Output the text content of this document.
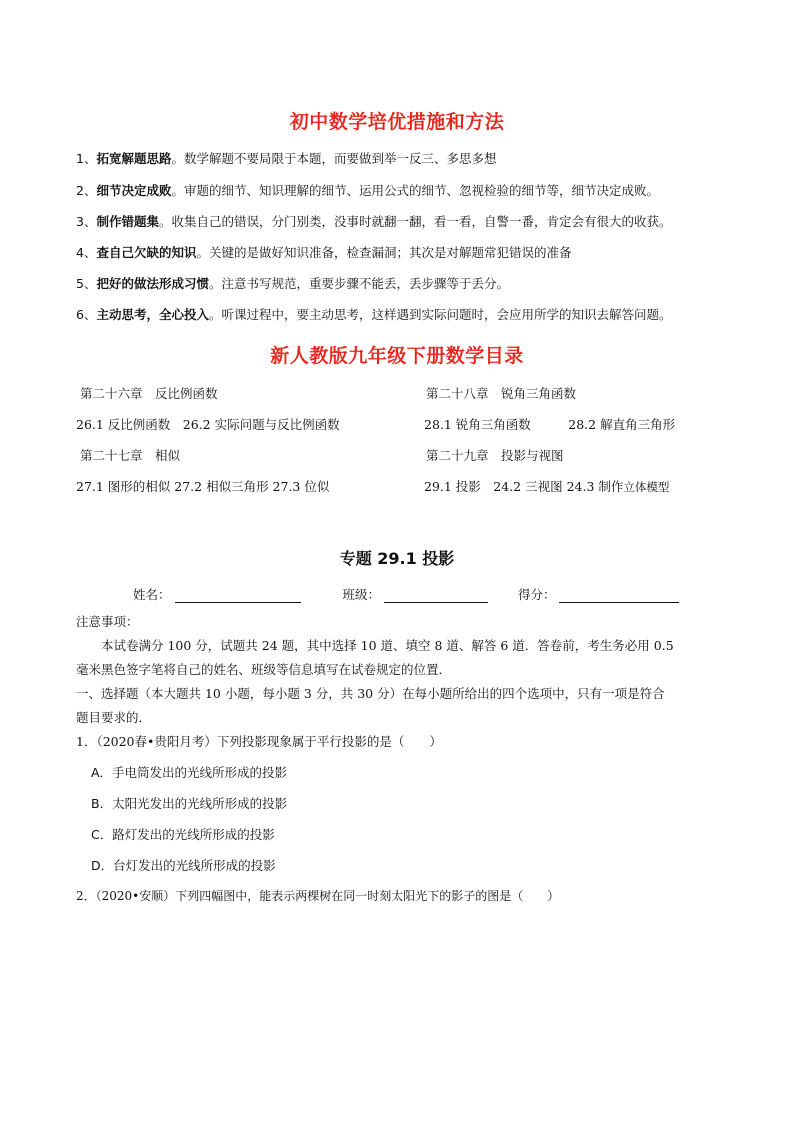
初中数学培优措施和方法
1、拓宽解题思路。数学解题不要局限于本题，而要做到举一反三、多思多想
2、细节决定成败。审题的细节、知识理解的细节、运用公式的细节、忽视检验的细节等，细节决定成败。
3、制作错题集。收集自己的错误，分门别类，没事时就翻一翻，看一看，自警一番，肯定会有很大的收获。
4、查自己欠缺的知识。关键的是做好知识准备，检查漏洞；其次是对解题常犯错误的准备
5、把好的做法形成习惯。注意书写规范，重要步骤不能丢，丢步骤等于丢分。
6、主动思考，全心投入。听课过程中，要主动思考，这样遇到实际问题时，会应用所学的知识去解答问题。
新人教版九年级下册数学目录
第二十六章　反比例函数
26.1 反比例函数　26.2 实际问题与反比例函数
第二十七章　相似
27.1 图形的相似 27.2 相似三角形 27.3 位似
第二十八章　锐角三角函数
28.1 锐角三角函数　　　28.2 解直角三角形
第二十九章　投影与视图
29.1 投影　24.2 三视图 24.3 制作立体模型
专题 29.1 投影
姓名：	班级：	得分：
注意事项：
本试卷满分 100 分，试题共 24 题，其中选择 10 道、填空 8 道、解答 6 道．答卷前，考生务必用 0.5
毫米黑色签字笔将自己的姓名、班级等信息填写在试卷规定的位置．
一、选择题（本大题共 10 小题，每小题 3 分，共 30 分）在每小题所给出的四个选项中，只有一项是符合
题目要求的．
1．（2020春•贵阳月考）下列投影现象属于平行投影的是（　　）
A．手电筒发出的光线所形成的投影
B．太阳光发出的光线所形成的投影
C．路灯发出的光线所形成的投影
D．台灯发出的光线所形成的投影
2．（2020•安顺）下列四幅图中，能表示两棵树在同一时刻太阳光下的影子的图是（　　）
